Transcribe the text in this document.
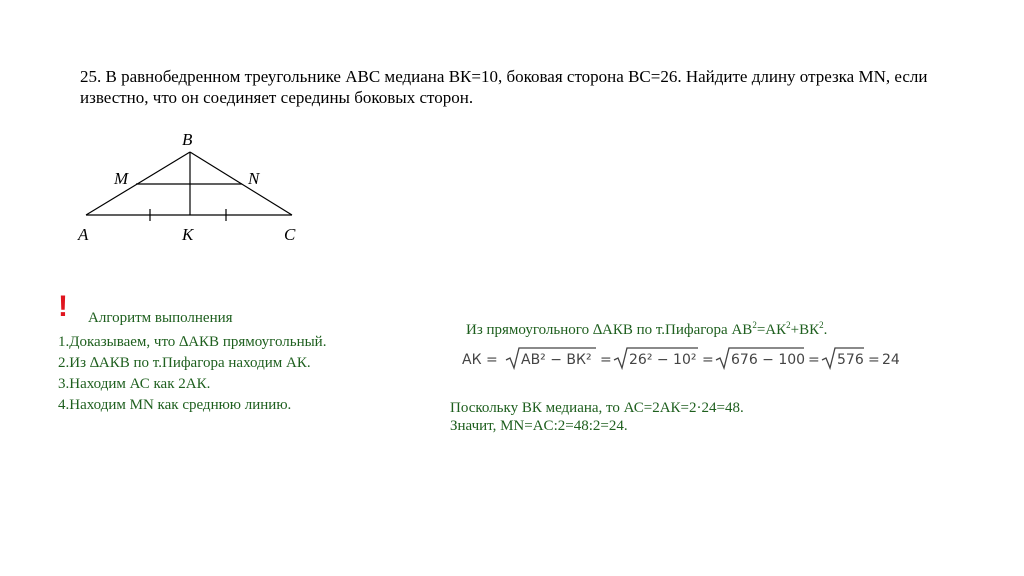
25. В равнобедренном треугольнике АВС медиана ВК=10, боковая сторона ВС=26. Найдите длину отрезка MN, если известно, что он соединяет середины боковых сторон.

B
M	N
A	K	C
! Алгоритм выполнения
1.Доказываем, что ∆АКВ прямоугольный.
2.Из ∆АКВ по т.Пифагора находим АК.
3.Находим АС как 2АК.
4.Находим MN как среднюю линию.
Из прямоугольного ∆АКВ по т.Пифагора $АВ^2=АК^2+ВК^2$.
АК = АВ² − ВК² = 26² − 10² = 676 − 100 = 576 = 24
Поскольку ВК медиана, то АС=2АК=2·24=48.
Значит, MN=AC:2=48:2=24.
